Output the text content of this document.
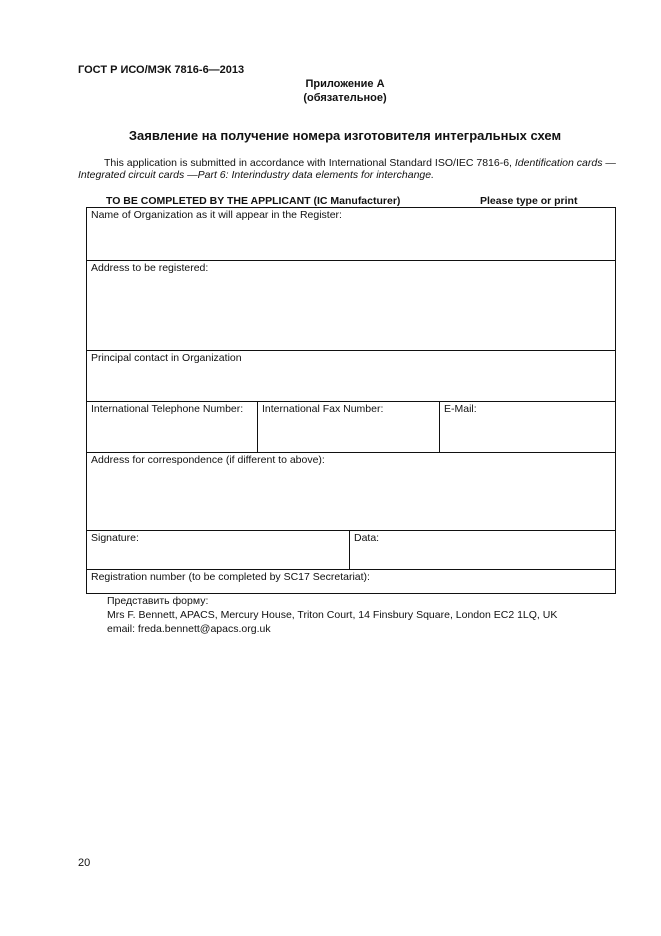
ГОСТ Р ИСО/МЭК 7816-6—2013
Приложение А
(обязательное)
Заявление на получение номера изготовителя интегральных схем
This application is submitted in accordance with International Standard ISO/IEC 7816-6, Identification cards — Integrated circuit cards —Part 6: Interindustry data elements for interchange.
TO BE COMPLETED BY THE APPLICANT (IC Manufacturer)	Please type or print
Name of Organization as it will appear in the Register:
Address to be registered:
Principal contact in Organization
International Telephone Number:	International Fax Number:	E-Mail:
Address for correspondence (if different to above):
Signature:	Data:
Registration number (to be completed by SC17 Secretariat):
Представить форму:
Mrs F. Bennett, APACS, Mercury House, Triton Court, 14 Finsbury Square, London EC2 1LQ, UK
email: freda.bennett@apacs.org.uk
20
